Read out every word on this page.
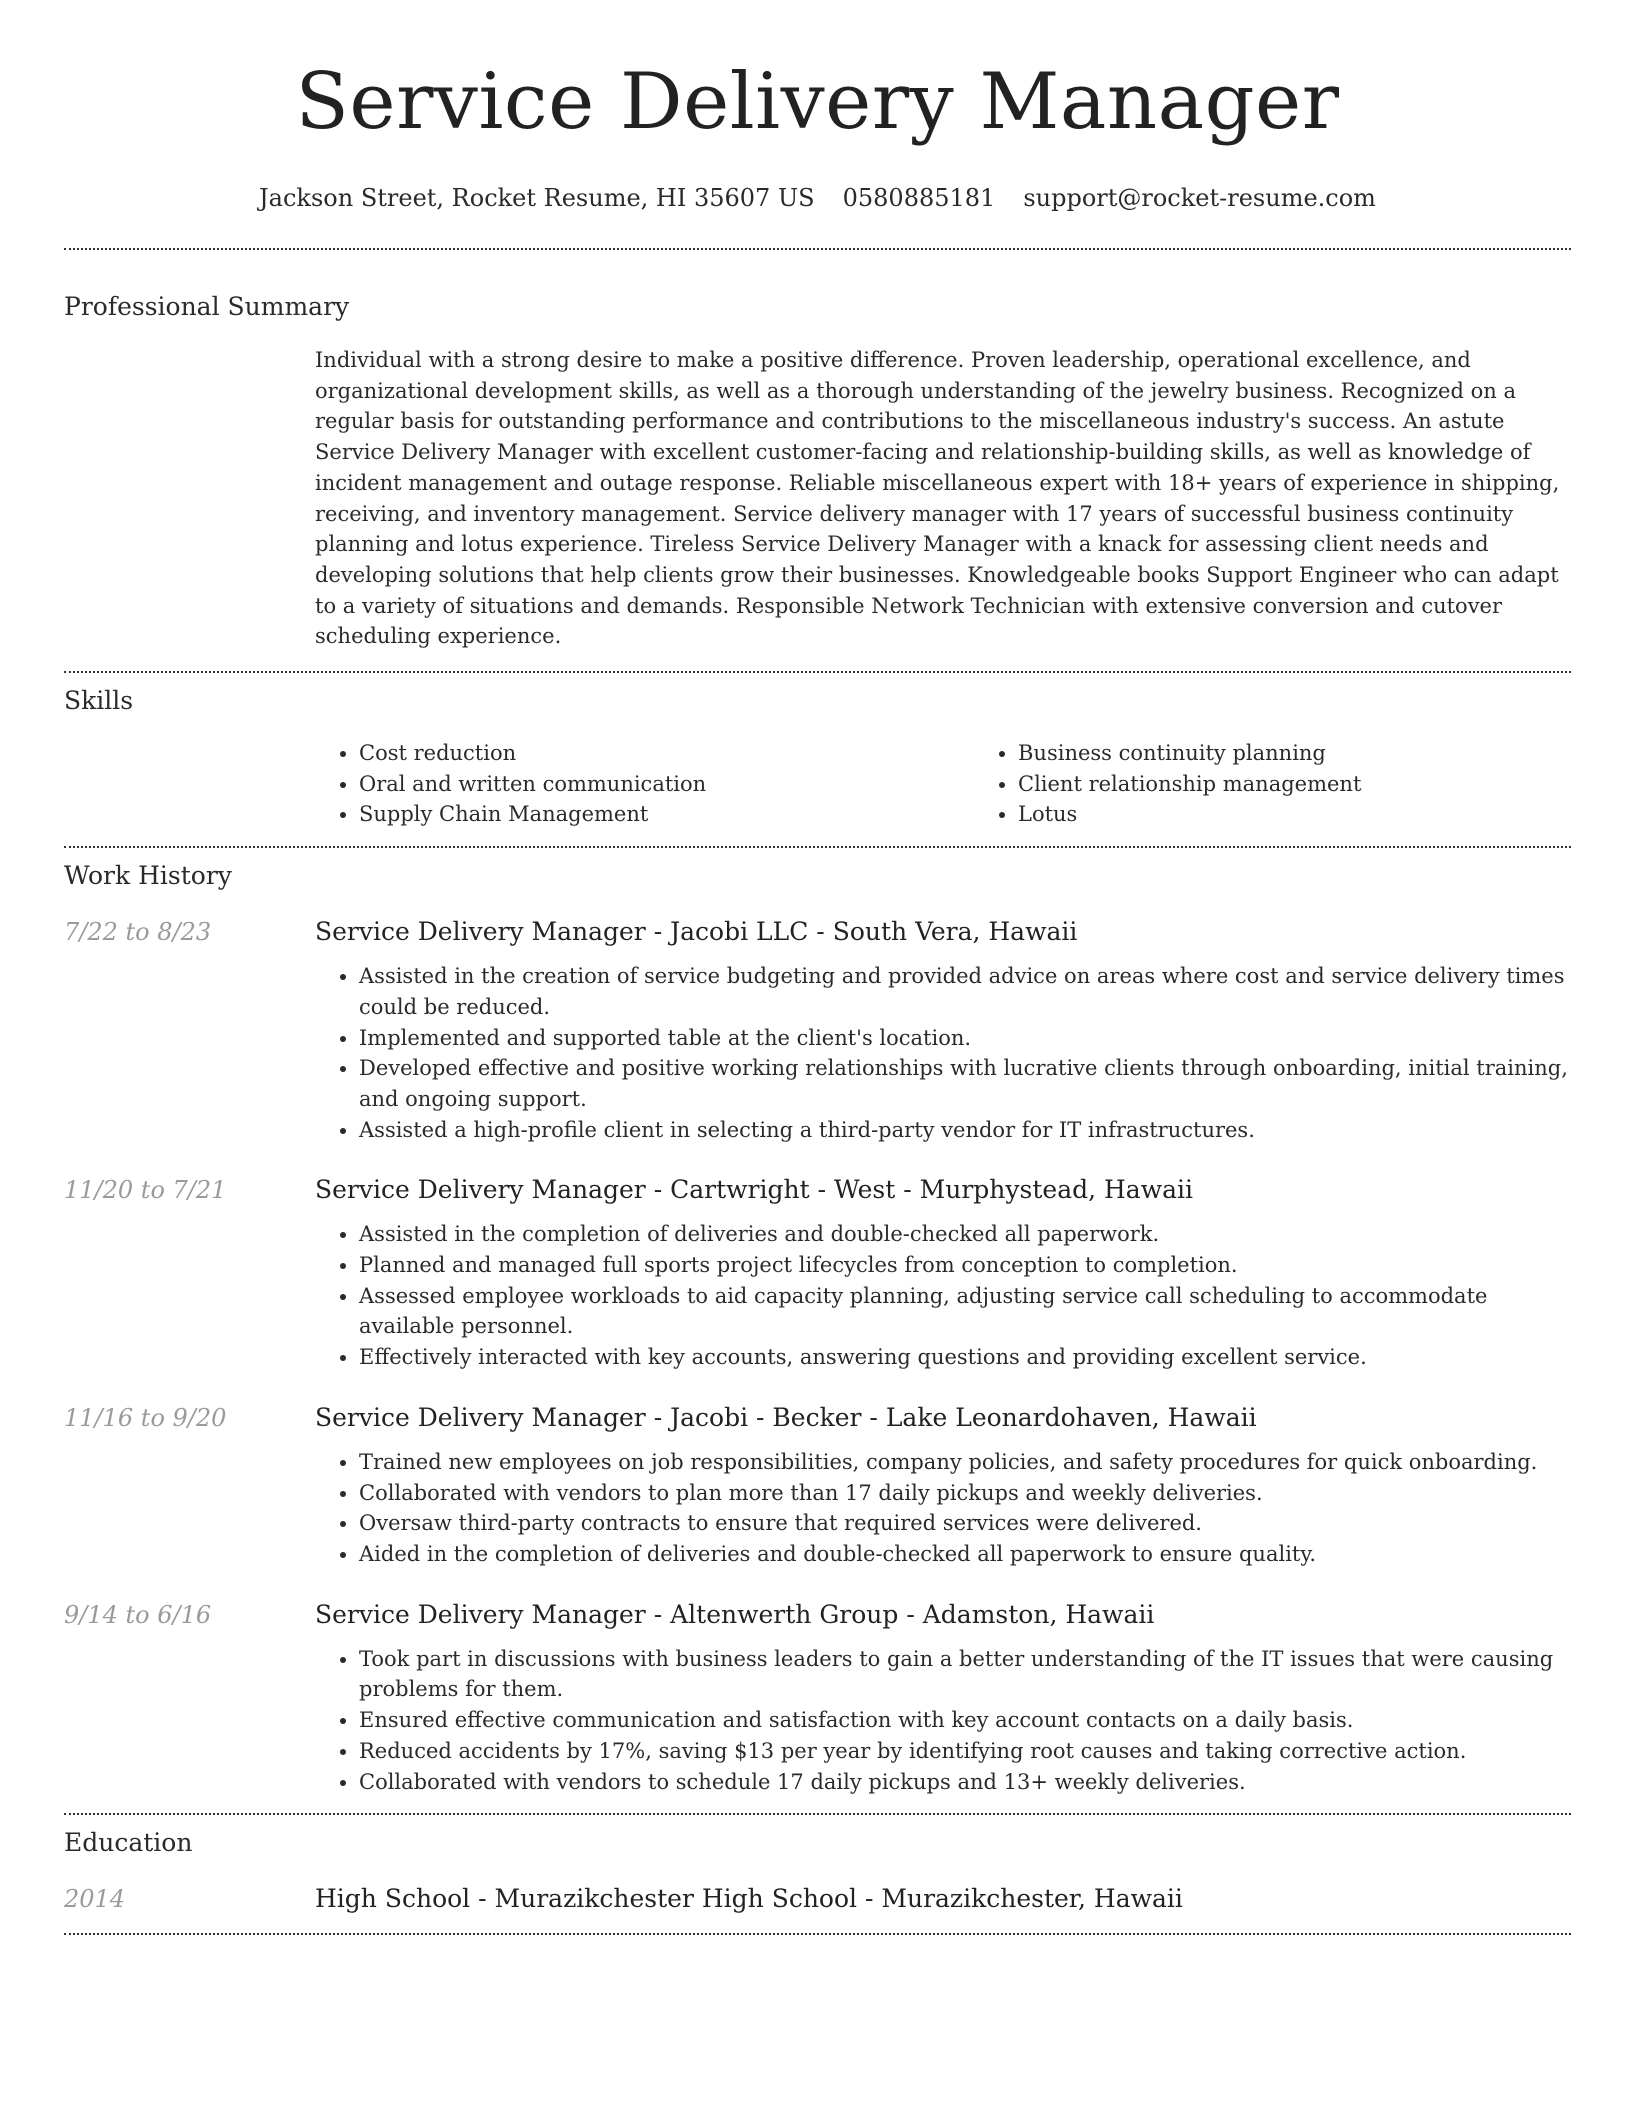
Service Delivery Manager
Jackson Street, Rocket Resume, HI 35607 US 0580885181 support@rocket-resume.com
Professional Summary

Individual with a strong desire to make a positive difference. Proven leadership, operational excellence, and organizational development skills, as well as a thorough understanding of the jewelry business. Recognized on a regular basis for outstanding performance and contributions to the miscellaneous industry's success. An astute Service Delivery Manager with excellent customer-facing and relationship-building skills, as well as knowledge of incident management and outage response. Reliable miscellaneous expert with 18+ years of experience in shipping, receiving, and inventory management. Service delivery manager with 17 years of successful business continuity planning and lotus experience. Tireless Service Delivery Manager with a knack for assessing client needs and developing solutions that help clients grow their businesses. Knowledgeable books Support Engineer who can adapt to a variety of situations and demands. Responsible Network Technician with extensive conversion and cutover scheduling experience.

Skills
• Cost reduction
• Oral and written communication
• Supply Chain Management
• Business continuity planning
• Client relationship management
• Lotus
Work History
7/22 to 8/23	Service Delivery Manager - Jacobi LLC - South Vera, Hawaii
• Assisted in the creation of service budgeting and provided advice on areas where cost and service delivery times could be reduced.
• Implemented and supported table at the client's location.
• Developed effective and positive working relationships with lucrative clients through onboarding, initial training, and ongoing support.
• Assisted a high-profile client in selecting a third-party vendor for IT infrastructures.
11/20 to 7/21	Service Delivery Manager - Cartwright - West - Murphystead, Hawaii
• Assisted in the completion of deliveries and double-checked all paperwork.
• Planned and managed full sports project lifecycles from conception to completion.
• Assessed employee workloads to aid capacity planning, adjusting service call scheduling to accommodate available personnel.
• Effectively interacted with key accounts, answering questions and providing excellent service.
11/16 to 9/20	Service Delivery Manager - Jacobi - Becker - Lake Leonardohaven, Hawaii
• Trained new employees on job responsibilities, company policies, and safety procedures for quick onboarding.
• Collaborated with vendors to plan more than 17 daily pickups and weekly deliveries.
• Oversaw third-party contracts to ensure that required services were delivered.
• Aided in the completion of deliveries and double-checked all paperwork to ensure quality.
9/14 to 6/16	Service Delivery Manager - Altenwerth Group - Adamston, Hawaii
• Took part in discussions with business leaders to gain a better understanding of the IT issues that were causing problems for them.
• Ensured effective communication and satisfaction with key account contacts on a daily basis.
• Reduced accidents by 17%, saving $13 per year by identifying root causes and taking corrective action.
• Collaborated with vendors to schedule 17 daily pickups and 13+ weekly deliveries.
Education
2014	High School - Murazikchester High School - Murazikchester, Hawaii
